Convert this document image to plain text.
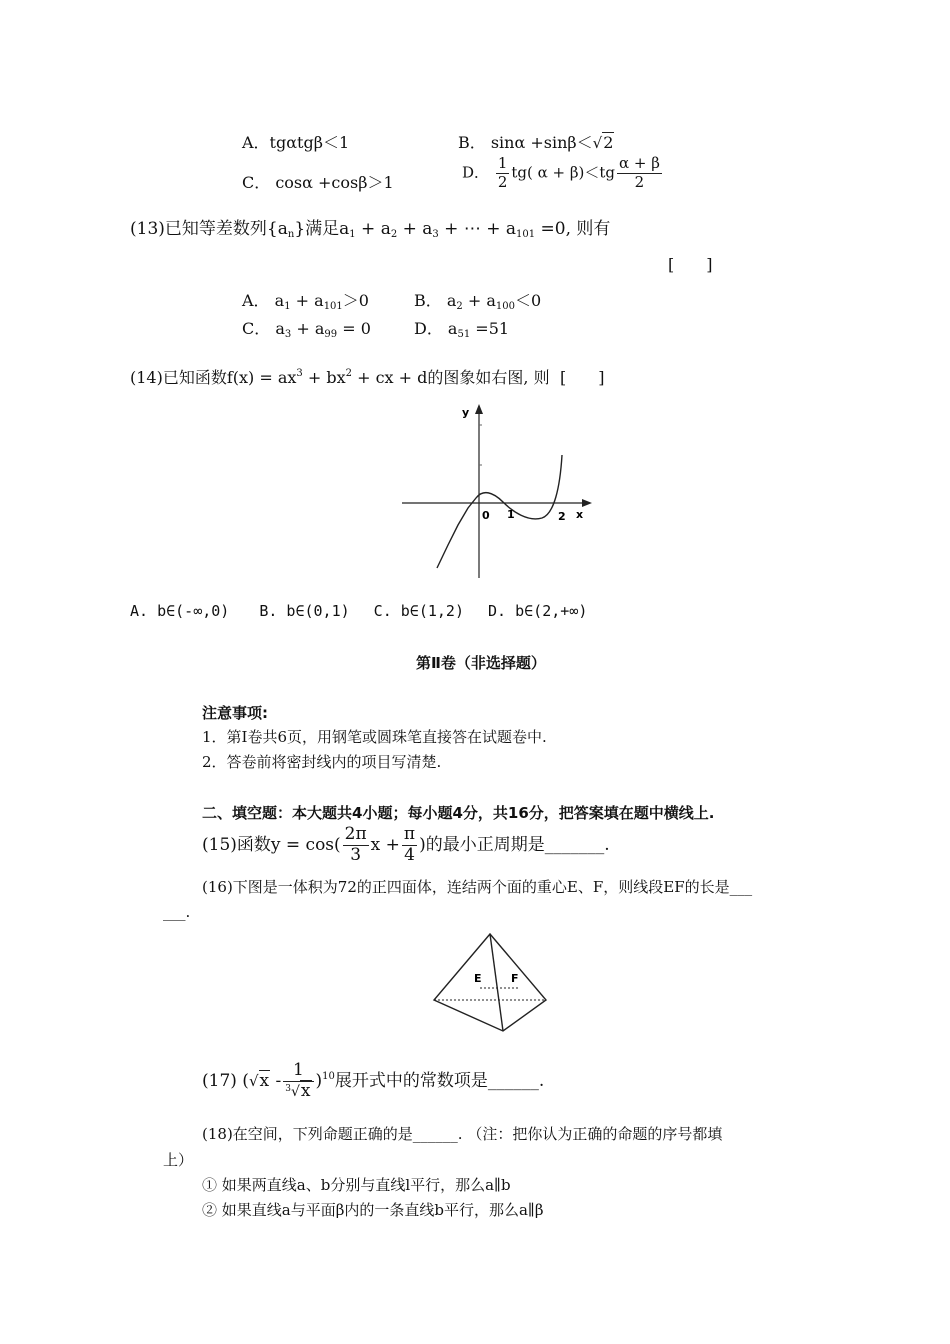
A．tgαtgβ＜1	B． sinα +sinβ＜√2
C． cosα +cosβ＞1
D． $\frac{1}{2} tg$( $\alpha + \beta)<tg \frac{\alpha + \beta}{2}$
(13)已知等差数列$\{a_n\}$满足$a_1 + a_2 + a_3$ + ⋯ + $a_{101} =0$, 则有
[　　]
A． $a_1 + a_{101}>0$	B． $a_2 + a_{100}<0$
C． $a_3 + a_{99} = 0$	D． $a_{51} =51$
(14)已知函数$f(x) = ax^3 + bx^2$ + cx + d的图象如右图, 则 [　　]
y
x
0 1	2
A. b∈(-∞,0)　　B. b∈(0,1)　 C. b∈(1,2)　 D. b∈(2,+∞)
第Ⅱ卷（非选择题）
注意事项:
1．第Ⅰ卷共6页，用钢笔或圆珠笔直接答在试题卷中.
2．答卷前将密封线内的项目写清楚.
二、填空题：本大题共4小题；每小题4分，共16分，把答案填在题中横线上.
(15)函数$y = \cos( \frac{2\pi}{3}$ $x + \frac{\pi}{4}$ )的最小正周期是_______.
(16)下图是一体积为72的正四面体，连结两个面的重心E、F，则线段EF的长是___
___.
E	F
(17) $(√x - \frac{1}{^3√x} )^{10}$展开式中的常数项是______.
(18)在空间，下列命题正确的是______. （注：把你认为正确的命题的序号都填
上）
① 如果两直线a、b分别与直线l平行，那么a∥b
② 如果直线a与平面β内的一条直线b平行，那么a∥β
